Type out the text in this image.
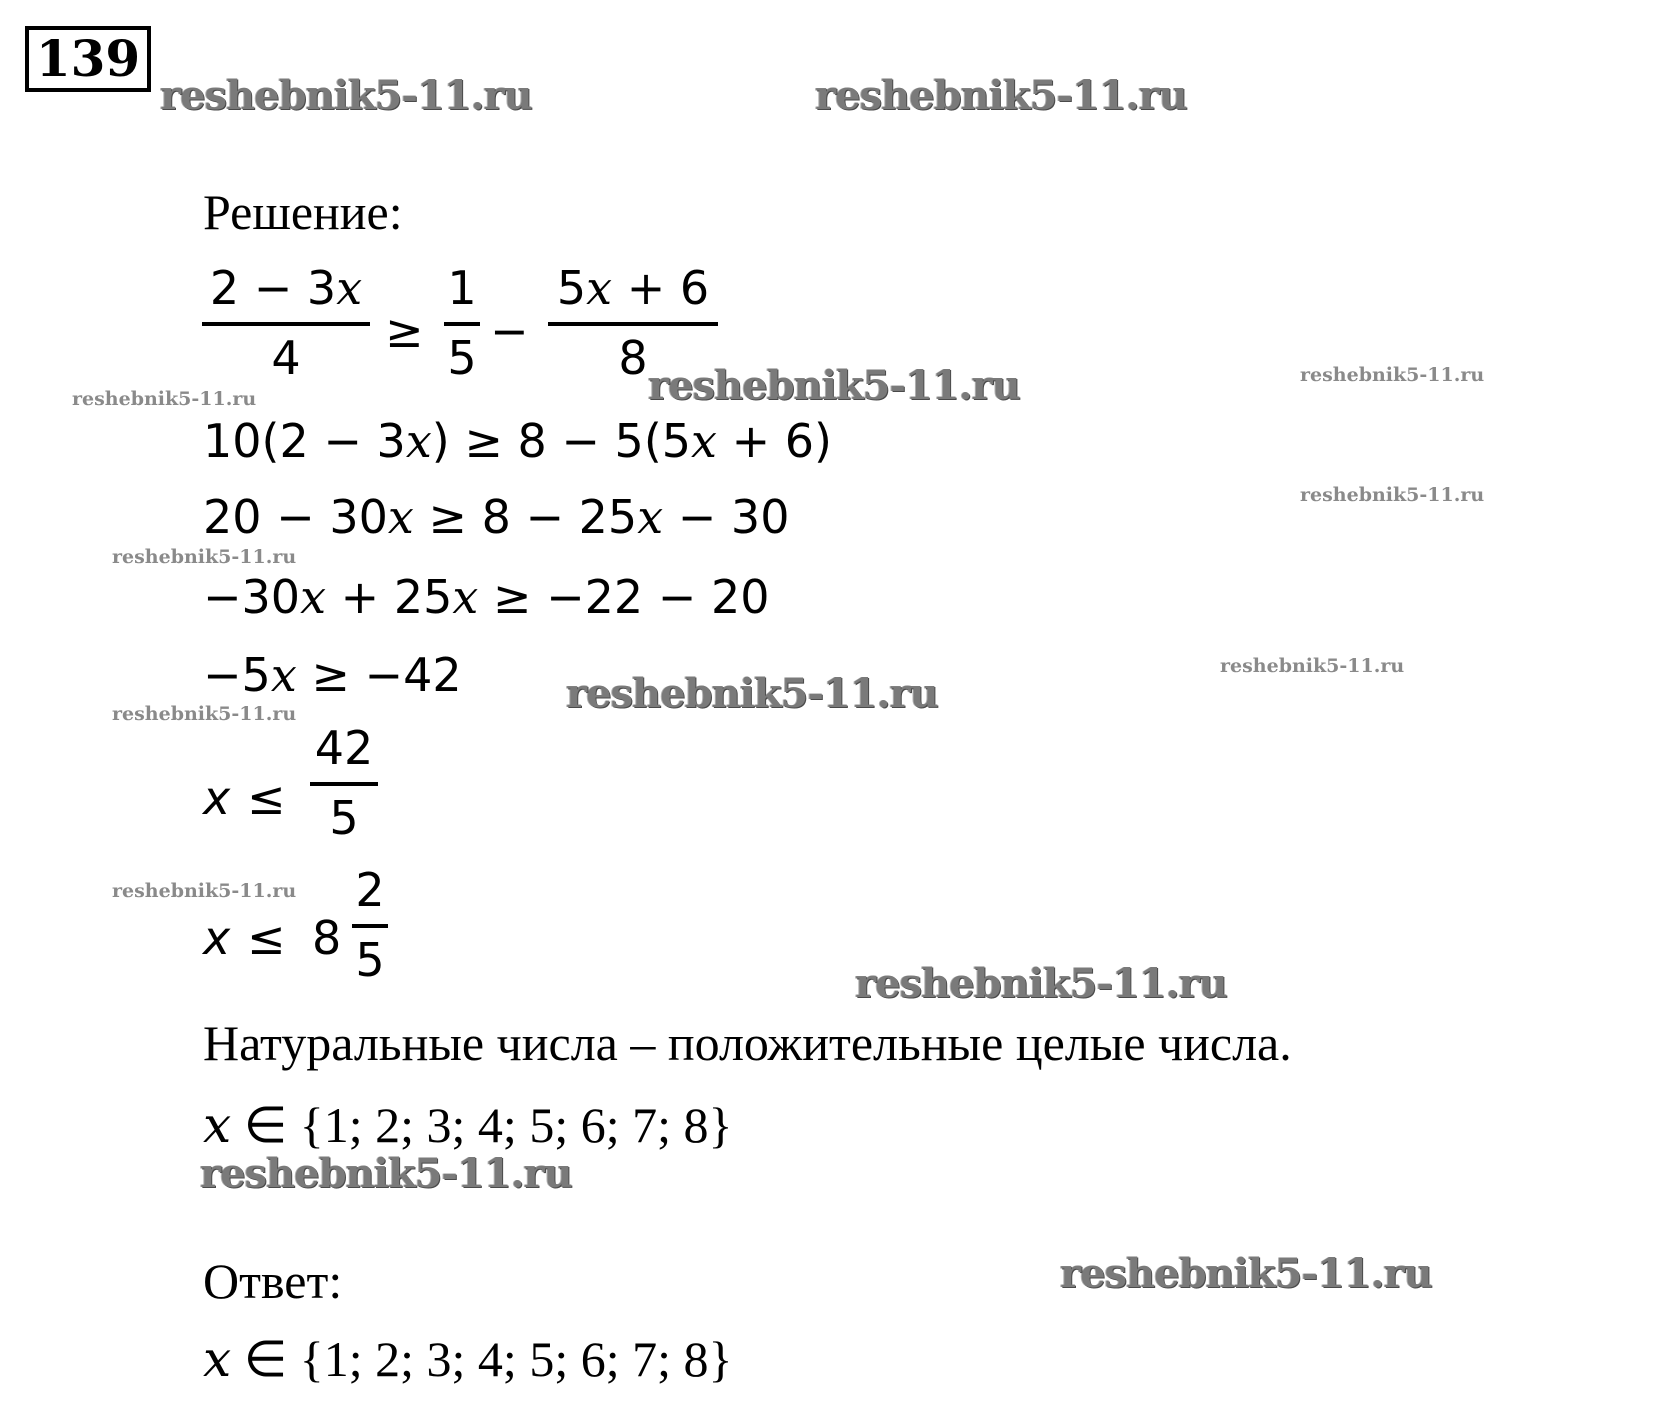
139
reshebnik5-11.ru	reshebnik5-11.ru
reshebnik5-11.ru
reshebnik5-11.ru
reshebnik5-11.ru
reshebnik5-11.ru
reshebnik5-11.ru
reshebnik5-11.ru
reshebnik5-11.ru
reshebnik5-11.ru
reshebnik5-11.ru
reshebnik5-11.ru
reshebnik5-11.ru
reshebnik5-11.ru
Решение:
2 − 3x
4	≥
1
5 −
5x + 6
8
10(2 − 3x) ≥ 8 − 5(5x + 6)
20 − 30x ≥ 8 − 25x − 30
−30x + 25x ≥ −22 − 20
−5x ≥ −42
x ≤
42
5
x ≤ 8
2
5
Натуральные числа – положительные целые числа.
x ∈ {1; 2; 3; 4; 5; 6; 7; 8}
Ответ:
x ∈ {1; 2; 3; 4; 5; 6; 7; 8}
